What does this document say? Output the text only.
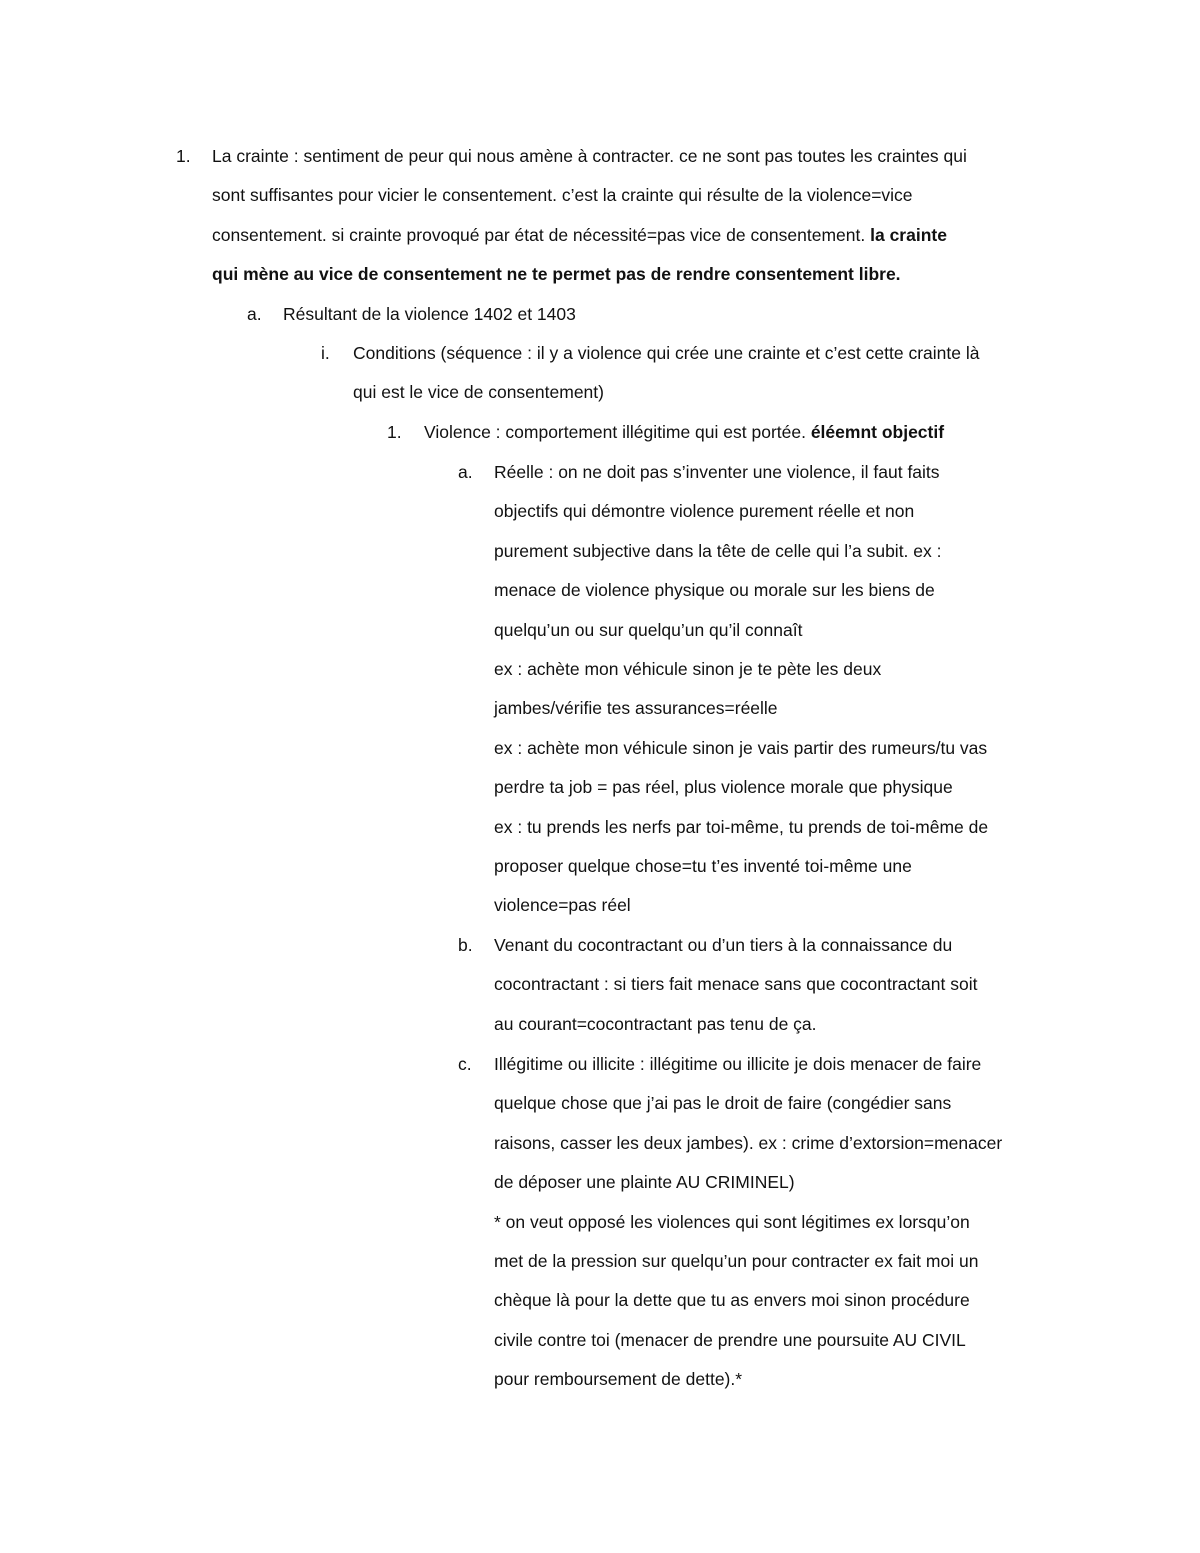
1. La crainte : sentiment de peur qui nous amène à contracter. ce ne sont pas toutes les craintes qui
sont suffisantes pour vicier le consentement. c’est la crainte qui résulte de la violence=vice
consentement. si crainte provoqué par état de nécessité=pas vice de consentement. la crainte
qui mène au vice de consentement ne te permet pas de rendre consentement libre.
a. Résultant de la violence 1402 et 1403
i. Conditions (séquence : il y a violence qui crée une crainte et c’est cette crainte là
qui est le vice de consentement)
1. Violence : comportement illégitime qui est portée. éléemnt objectif
a. Réelle : on ne doit pas s’inventer une violence, il faut faits
objectifs qui démontre violence purement réelle et non
purement subjective dans la tête de celle qui l’a subit. ex :
menace de violence physique ou morale sur les biens de
quelqu’un ou sur quelqu’un qu’il connaît
ex : achète mon véhicule sinon je te pète les deux
jambes/vérifie tes assurances=réelle
ex : achète mon véhicule sinon je vais partir des rumeurs/tu vas
perdre ta job = pas réel, plus violence morale que physique
ex : tu prends les nerfs par toi-même, tu prends de toi-même de
proposer quelque chose=tu t’es inventé toi-même une
violence=pas réel
b. Venant du cocontractant ou d’un tiers à la connaissance du
cocontractant : si tiers fait menace sans que cocontractant soit
au courant=cocontractant pas tenu de ça.
c. Illégitime ou illicite : illégitime ou illicite je dois menacer de faire
quelque chose que j’ai pas le droit de faire (congédier sans
raisons, casser les deux jambes). ex : crime d’extorsion=menacer
de déposer une plainte AU CRIMINEL)
* on veut opposé les violences qui sont légitimes ex lorsqu’on
met de la pression sur quelqu’un pour contracter ex fait moi un
chèque là pour la dette que tu as envers moi sinon procédure
civile contre toi (menacer de prendre une poursuite AU CIVIL
pour remboursement de dette).*
